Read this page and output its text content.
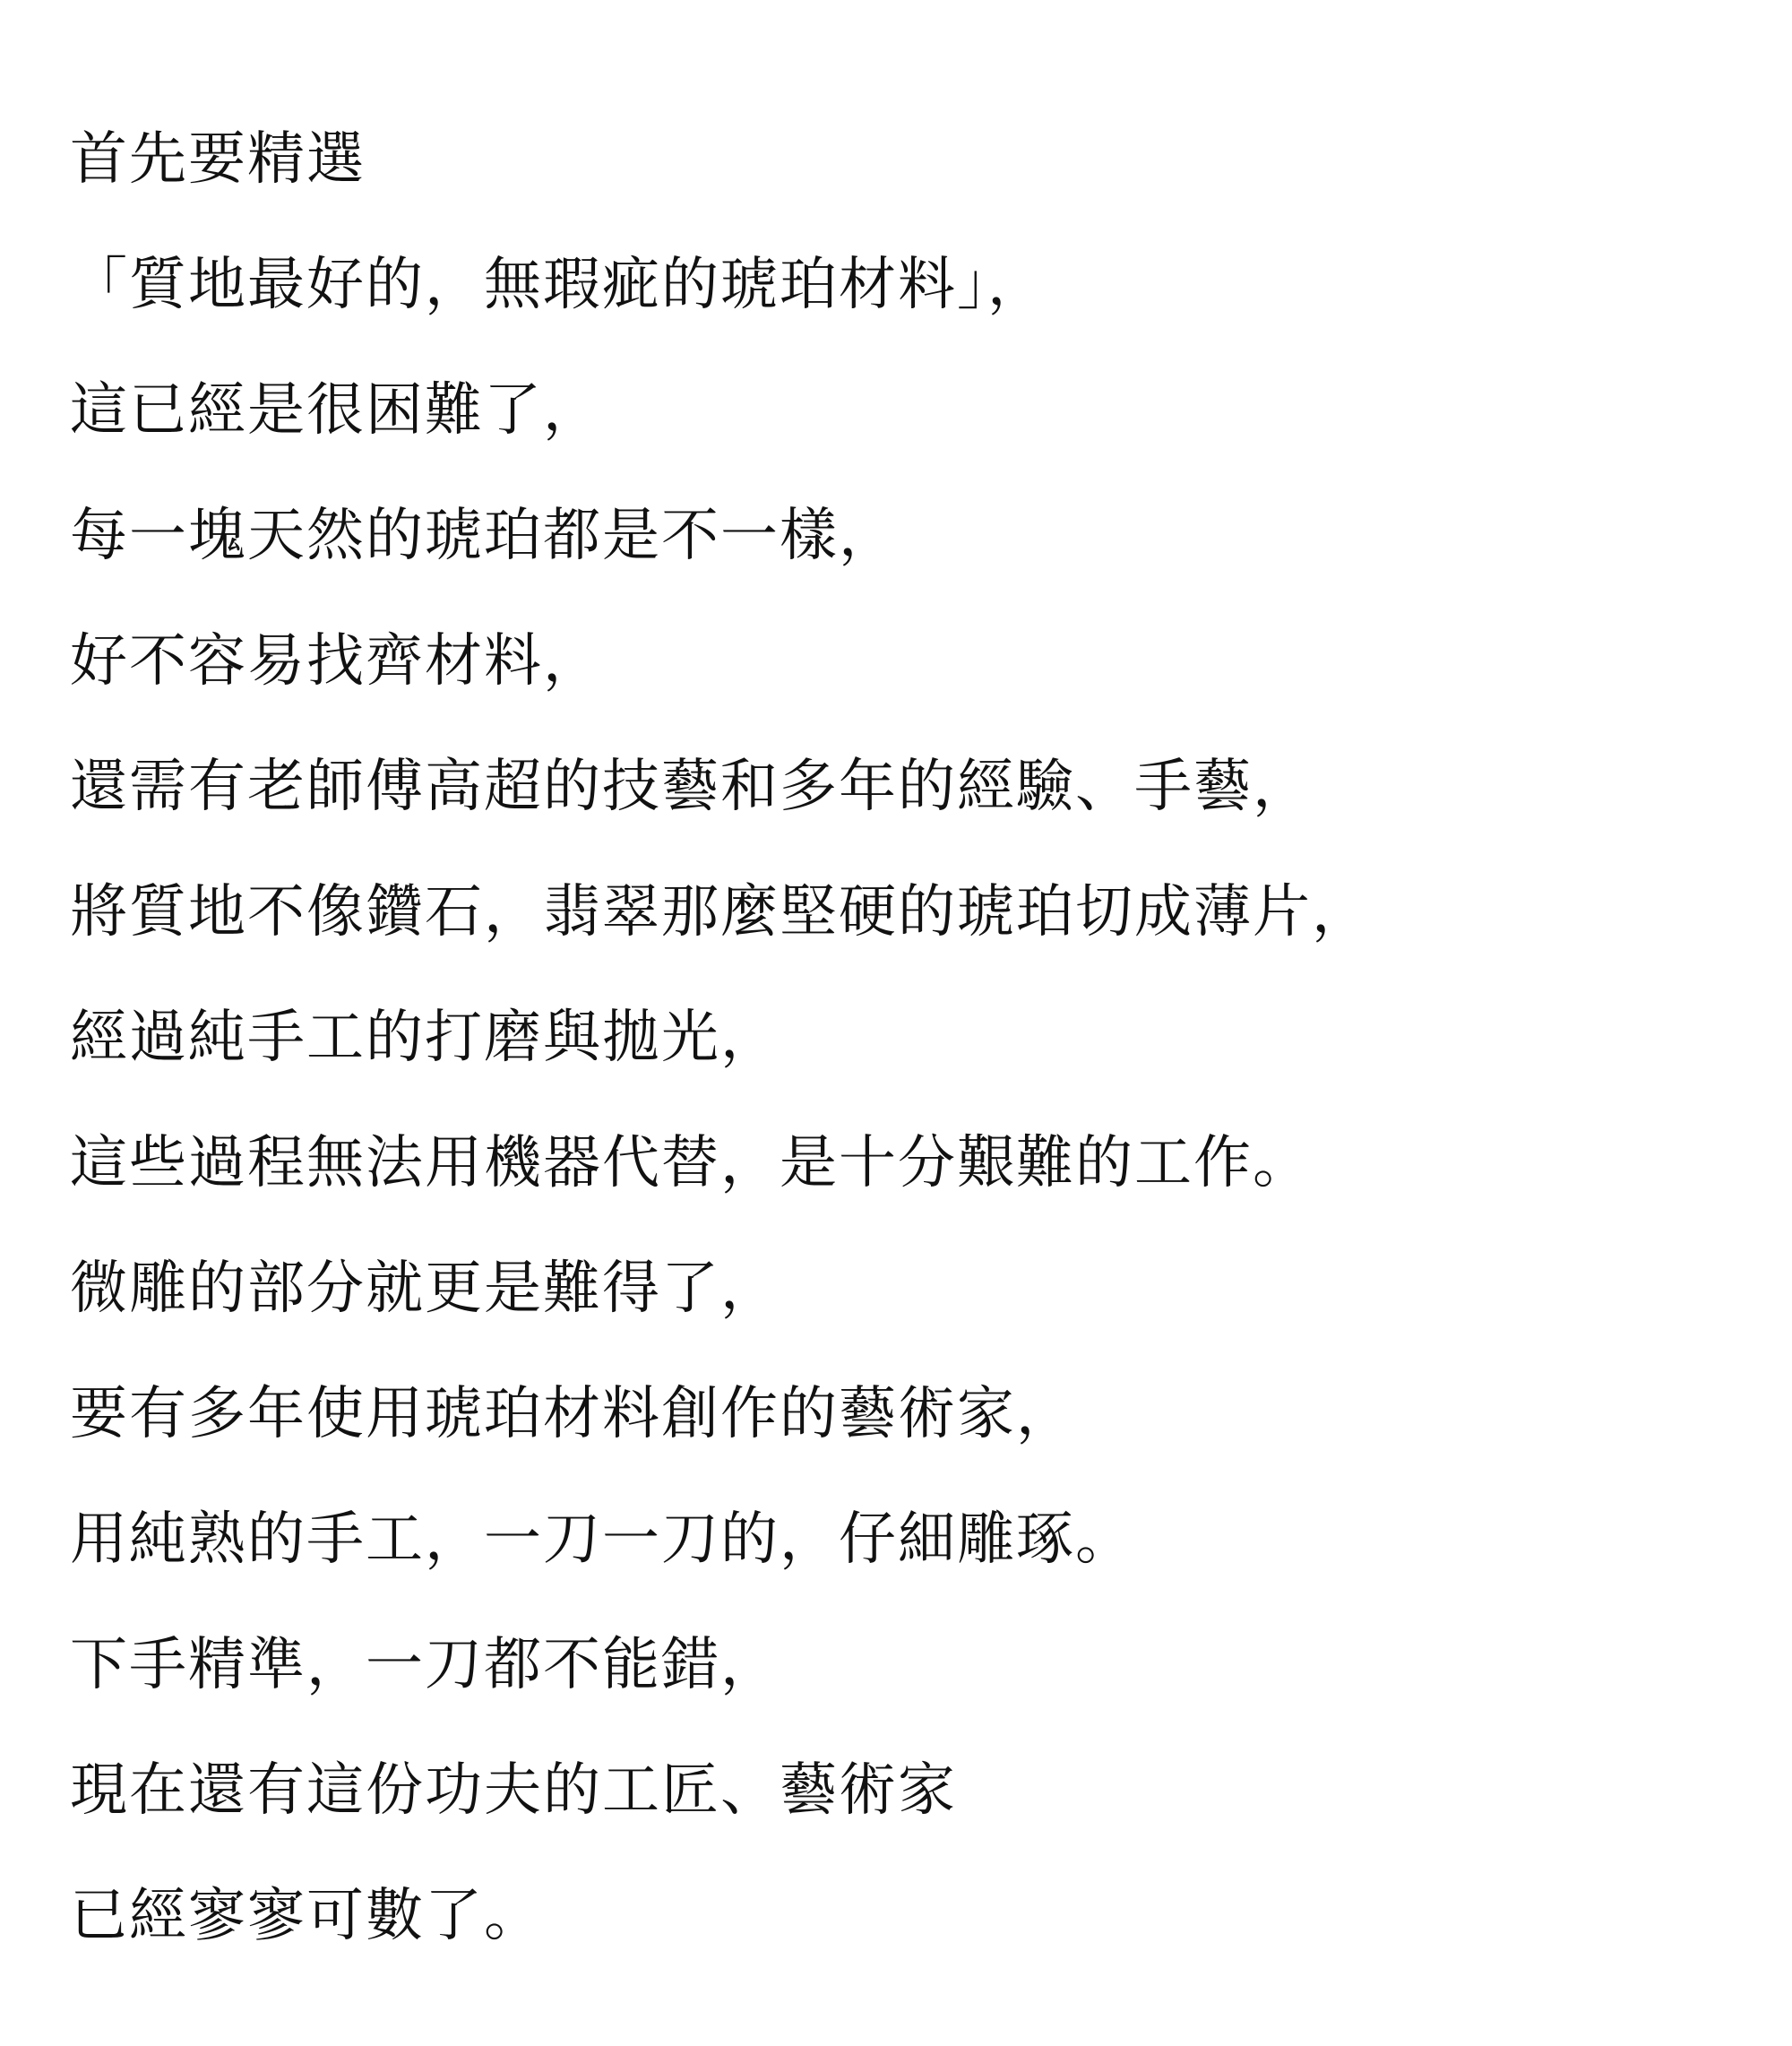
首先要精選
「質地最好的，無瑕疵的琥珀材料」，
這已經是很困難了，
每一塊天然的琥珀都是不一樣，
好不容易找齊材料，
還需有老師傅高超的技藝和多年的經驗、手藝，
將質地不像鑽石，翡翠那麼堅硬的琥珀切成薄片，
經過純手工的打磨與拋光，
這些過程無法用機器代替，是十分艱難的工作。
微雕的部分就更是難得了，
要有多年使用琥珀材料創作的藝術家，
用純熟的手工，一刀一刀的，仔細雕琢。
下手精準，一刀都不能錯，
現在還有這份功夫的工匠、藝術家
已經寥寥可數了。
